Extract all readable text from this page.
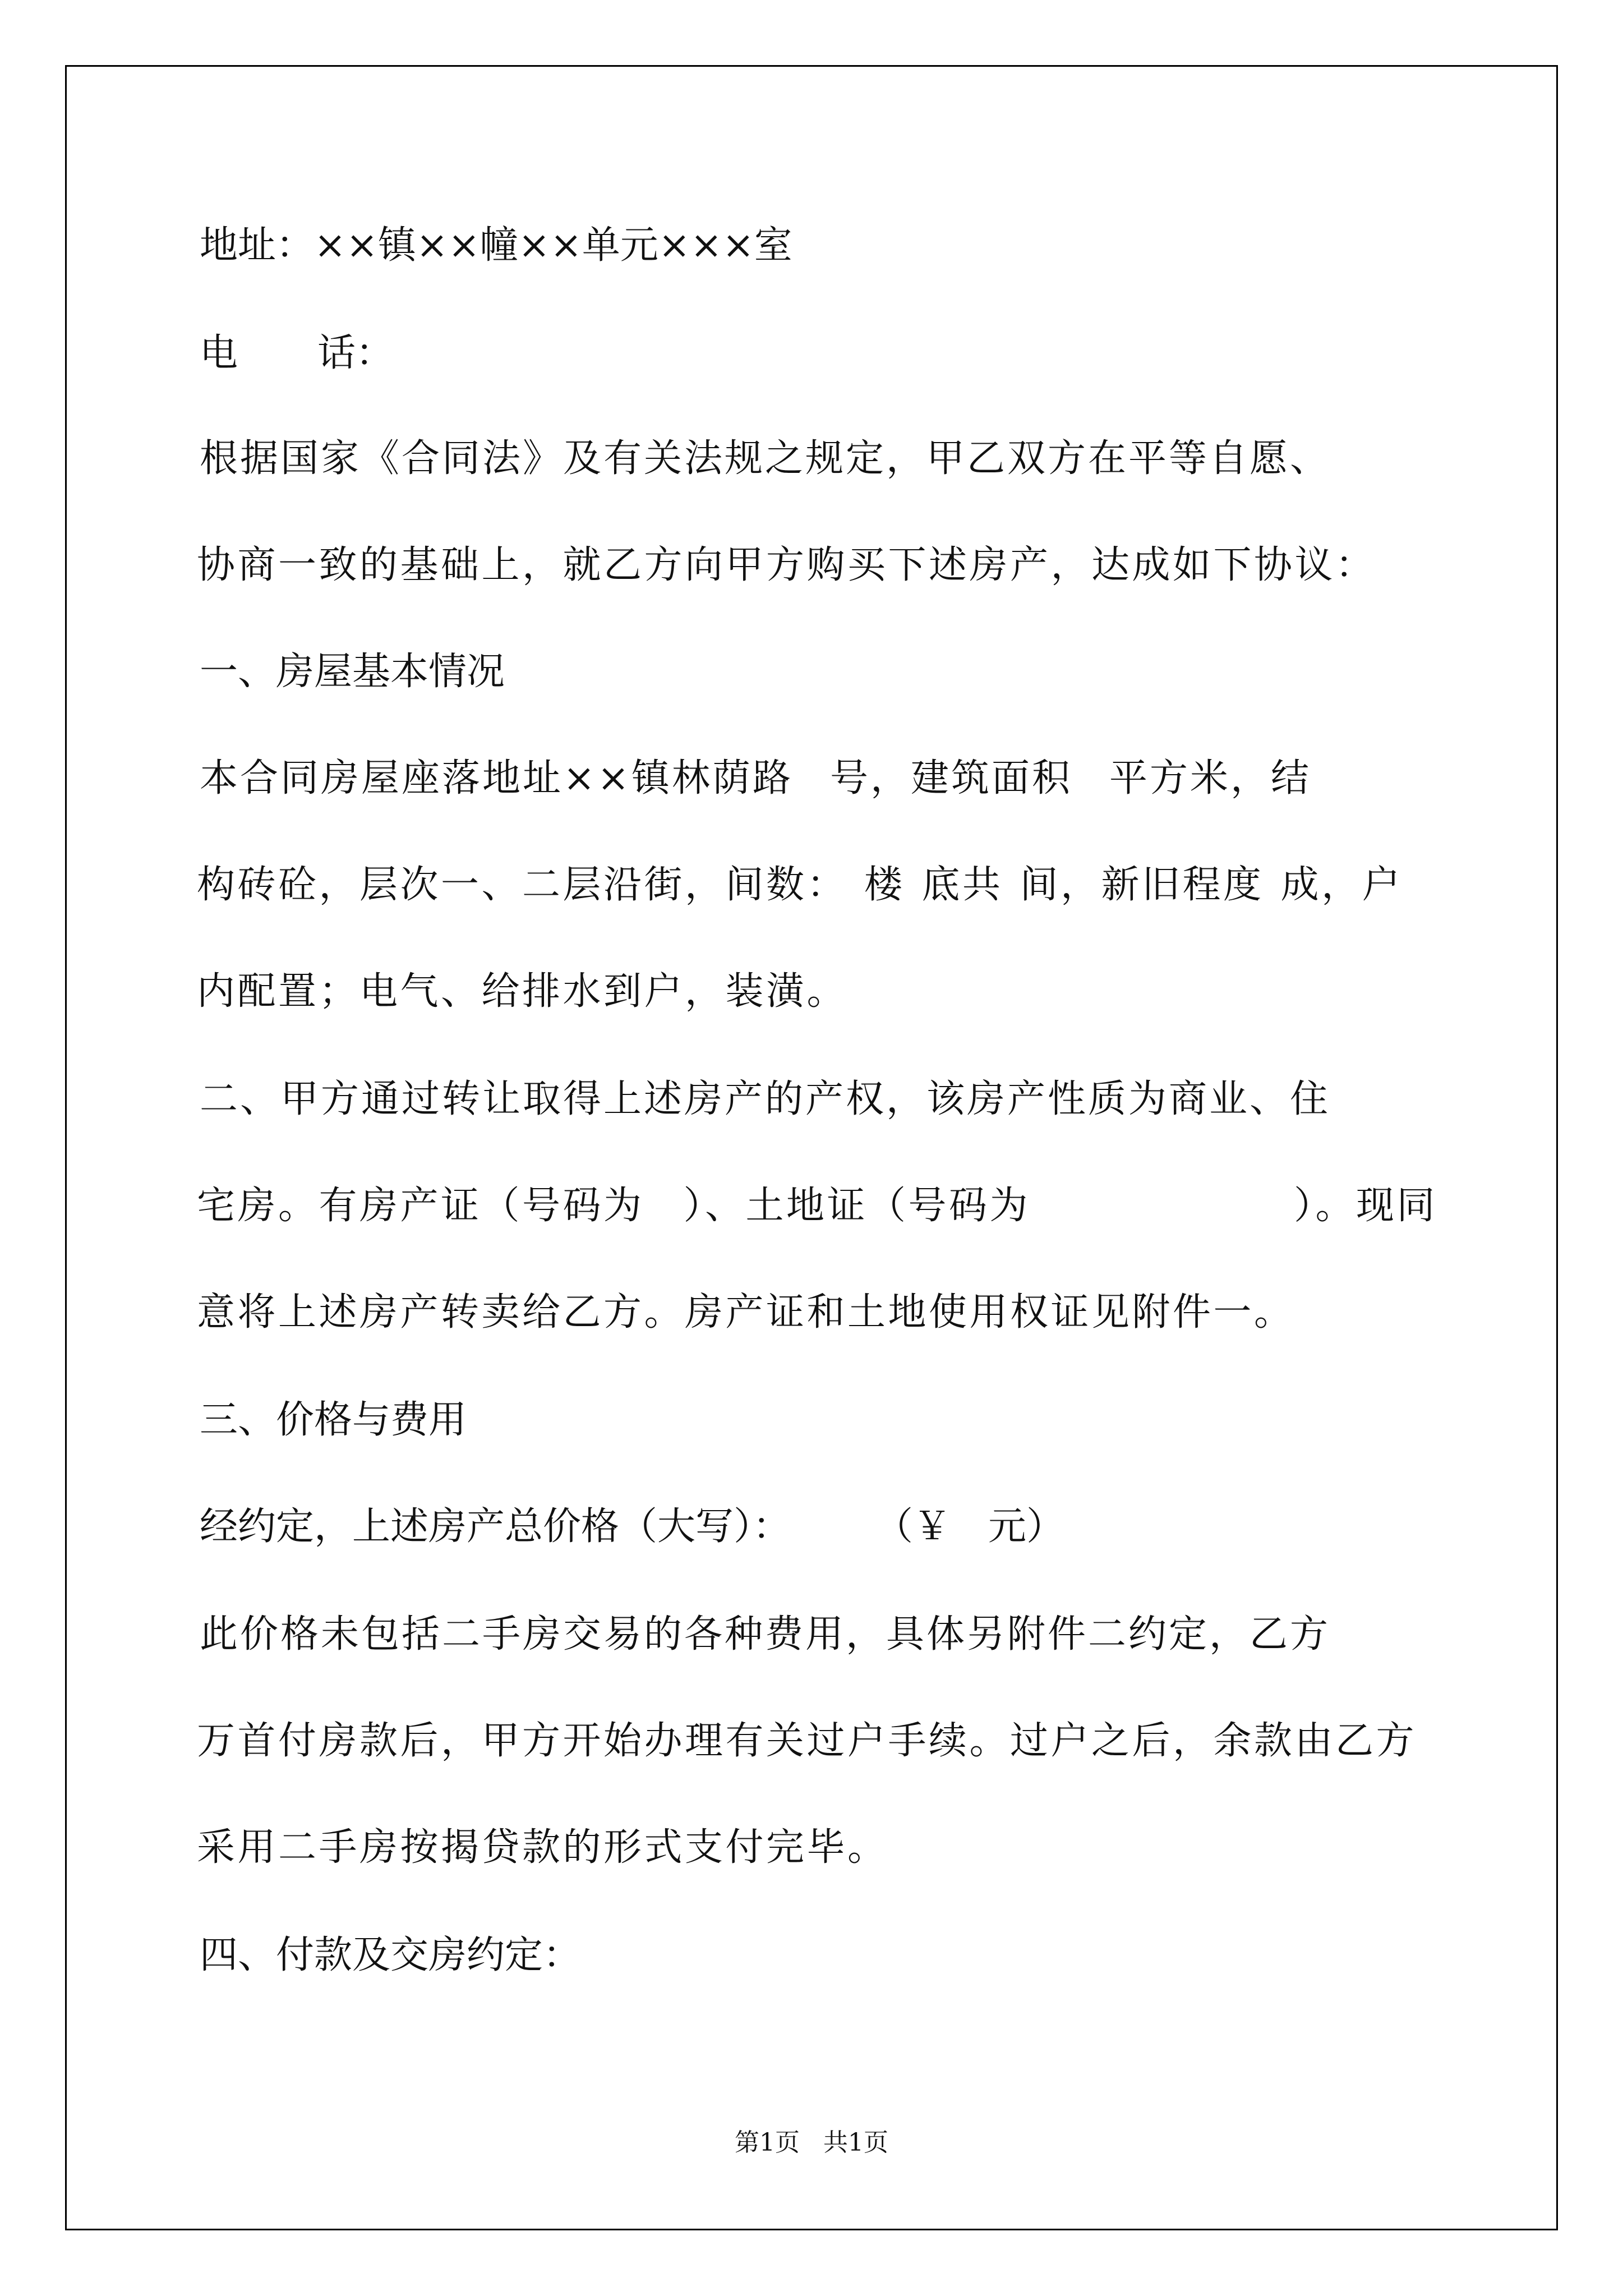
地址：××镇××幢××单元×××室
电 话：
根据国家《合同法》及有关法规之规定，甲乙双方在平等自愿、
协商一致的基础上，就乙方向甲方购买下述房产，达成如下协议：
一、房屋基本情况
本合同房屋座落地址××镇林荫路 号，建筑面积 平方米，结
构砖砼，层次一、二层沿街，间数： 楼 底共 间，新旧程度 成，户
内配置；电气、给排水到户，装潢。
二、甲方通过转让取得上述房产的产权，该房产性质为商业、住
宅房。有房产证（号码为 ）、土地证（号码为	）。现同
意将上述房产转卖给乙方。房产证和土地使用权证见附件一。
三、价格与费用
经约定，上述房产总价格（大写）： （￥ 元）
此价格未包括二手房交易的各种费用，具体另附件二约定，乙方
万首付房款后，甲方开始办理有关过户手续。过户之后，余款由乙方
采用二手房按揭贷款的形式支付完毕。
四、付款及交房约定：
第1页 共1页
